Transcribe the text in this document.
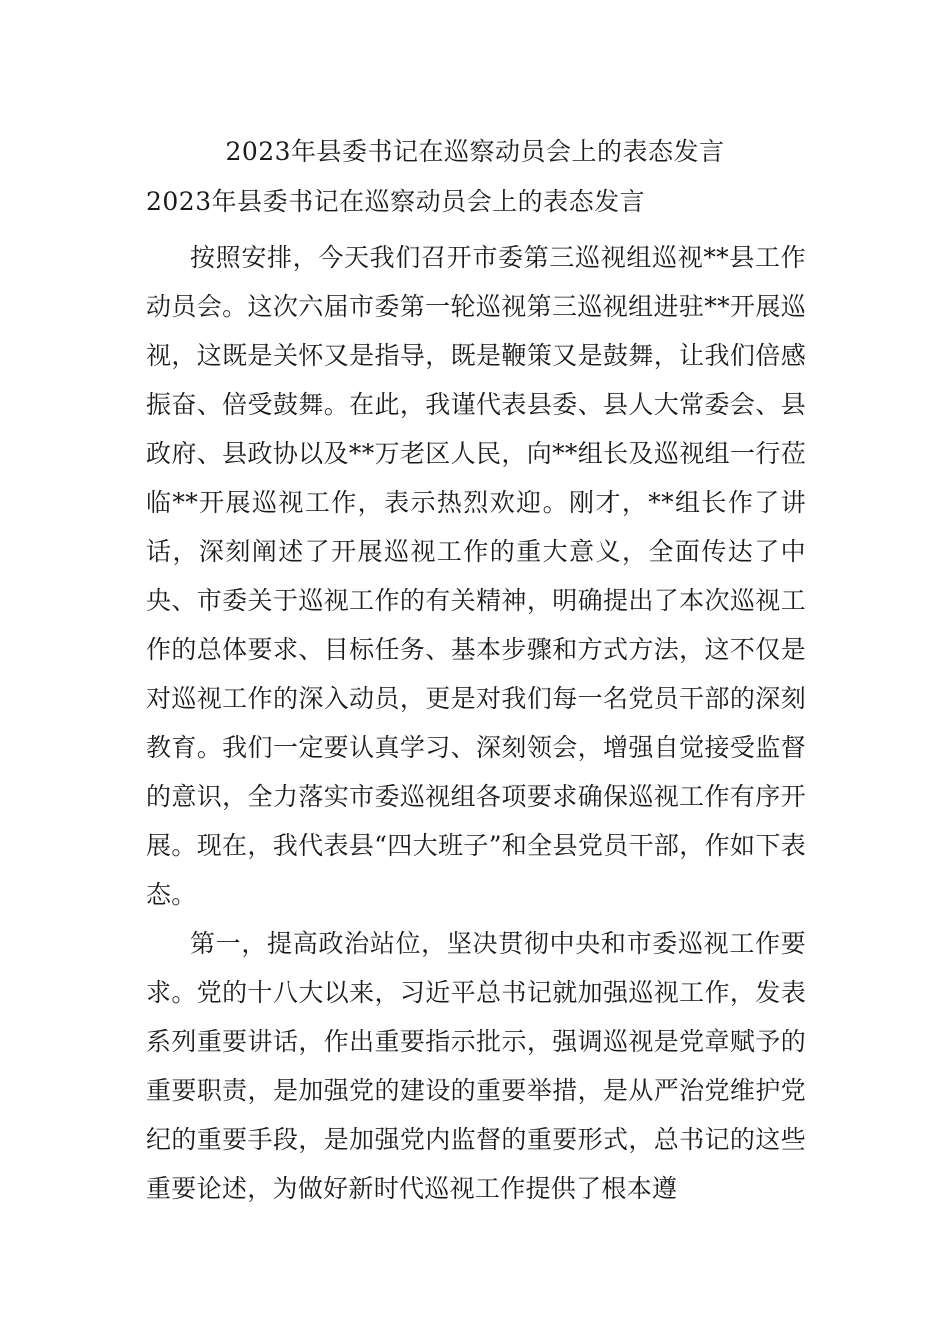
2023年县委书记在巡察动员会上的表态发言
2023年县委书记在巡察动员会上的表态发言

按照安排，今天我们召开市委第三巡视组巡视**县工作动员会。这次六届市委第一轮巡视第三巡视组进驻**开展巡视，这既是关怀又是指导，既是鞭策又是鼓舞，让我们倍感振奋、倍受鼓舞。在此，我谨代表县委、县人大常委会、县政府、县政协以及**万老区人民，向**组长及巡视组一行莅临**开展巡视工作，表示热烈欢迎。刚才，**组长作了讲话，深刻阐述了开展巡视工作的重大意义，全面传达了中央、市委关于巡视工作的有关精神，明确提出了本次巡视工作的总体要求、目标任务、基本步骤和方式方法，这不仅是对巡视工作的深入动员，更是对我们每一名党员干部的深刻教育。我们一定要认真学习、深刻领会，增强自觉接受监督的意识，全力落实市委巡视组各项要求确保巡视工作有序开展。现在，我代表县“四大班子”和全县党员干部，作如下表态。

第一，提高政治站位，坚决贯彻中央和市委巡视工作要求。党的十八大以来，习近平总书记就加强巡视工作，发表系列重要讲话，作出重要指示批示，强调巡视是党章赋予的重要职责，是加强党的建设的重要举措，是从严治党维护党纪的重要手段，是加强党内监督的重要形式，总书记的这些重要论述，为做好新时代巡视工作提供了根本遵
